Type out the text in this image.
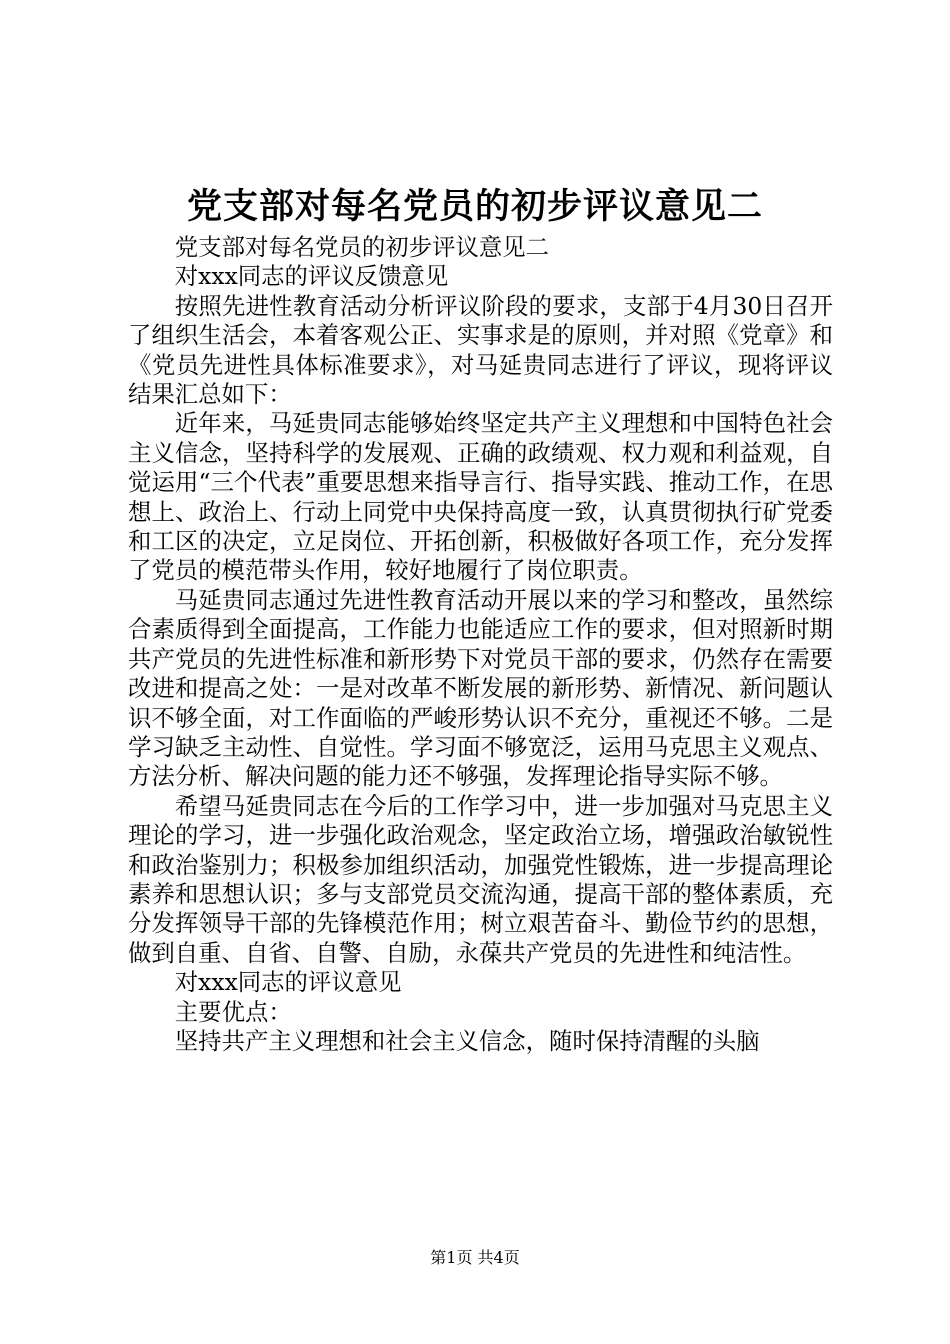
党支部对每名党员的初步评议意见二

党支部对每名党员的初步评议意见二

对xxx同志的评议反馈意见

按照先进性教育活动分析评议阶段的要求，支部于4月30日召开了组织生活会，本着客观公正、实事求是的原则，并对照《党章》和《党员先进性具体标准要求》，对马延贵同志进行了评议，现将评议结果汇总如下：

近年来，马延贵同志能够始终坚定共产主义理想和中国特色社会主义信念，坚持科学的发展观、正确的政绩观、权力观和利益观，自觉运用“三个代表”重要思想来指导言行、指导实践、推动工作，在思想上、政治上、行动上同党中央保持高度一致，认真贯彻执行矿党委和工区的决定，立足岗位、开拓创新，积极做好各项工作，充分发挥了党员的模范带头作用，较好地履行了岗位职责。

马延贵同志通过先进性教育活动开展以来的学习和整改，虽然综合素质得到全面提高，工作能力也能适应工作的要求，但对照新时期共产党员的先进性标准和新形势下对党员干部的要求，仍然存在需要改进和提高之处：一是对改革不断发展的新形势、新情况、新问题认识不够全面，对工作面临的严峻形势认识不充分，重视还不够。二是学习缺乏主动性、自觉性。学习面不够宽泛，运用马克思主义观点、方法分析、解决问题的能力还不够强，发挥理论指导实际不够。

希望马延贵同志在今后的工作学习中，进一步加强对马克思主义理论的学习，进一步强化政治观念，坚定政治立场，增强政治敏锐性和政治鉴别力；积极参加组织活动，加强党性锻炼，进一步提高理论素养和思想认识；多与支部党员交流沟通，提高干部的整体素质，充分发挥领导干部的先锋模范作用；树立艰苦奋斗、勤俭节约的思想，做到自重、自省、自警、自励，永葆共产党员的先进性和纯洁性。

对xxx同志的评议意见

主要优点：

坚持共产主义理想和社会主义信念，随时保持清醒的头脑

第1页 共4页
